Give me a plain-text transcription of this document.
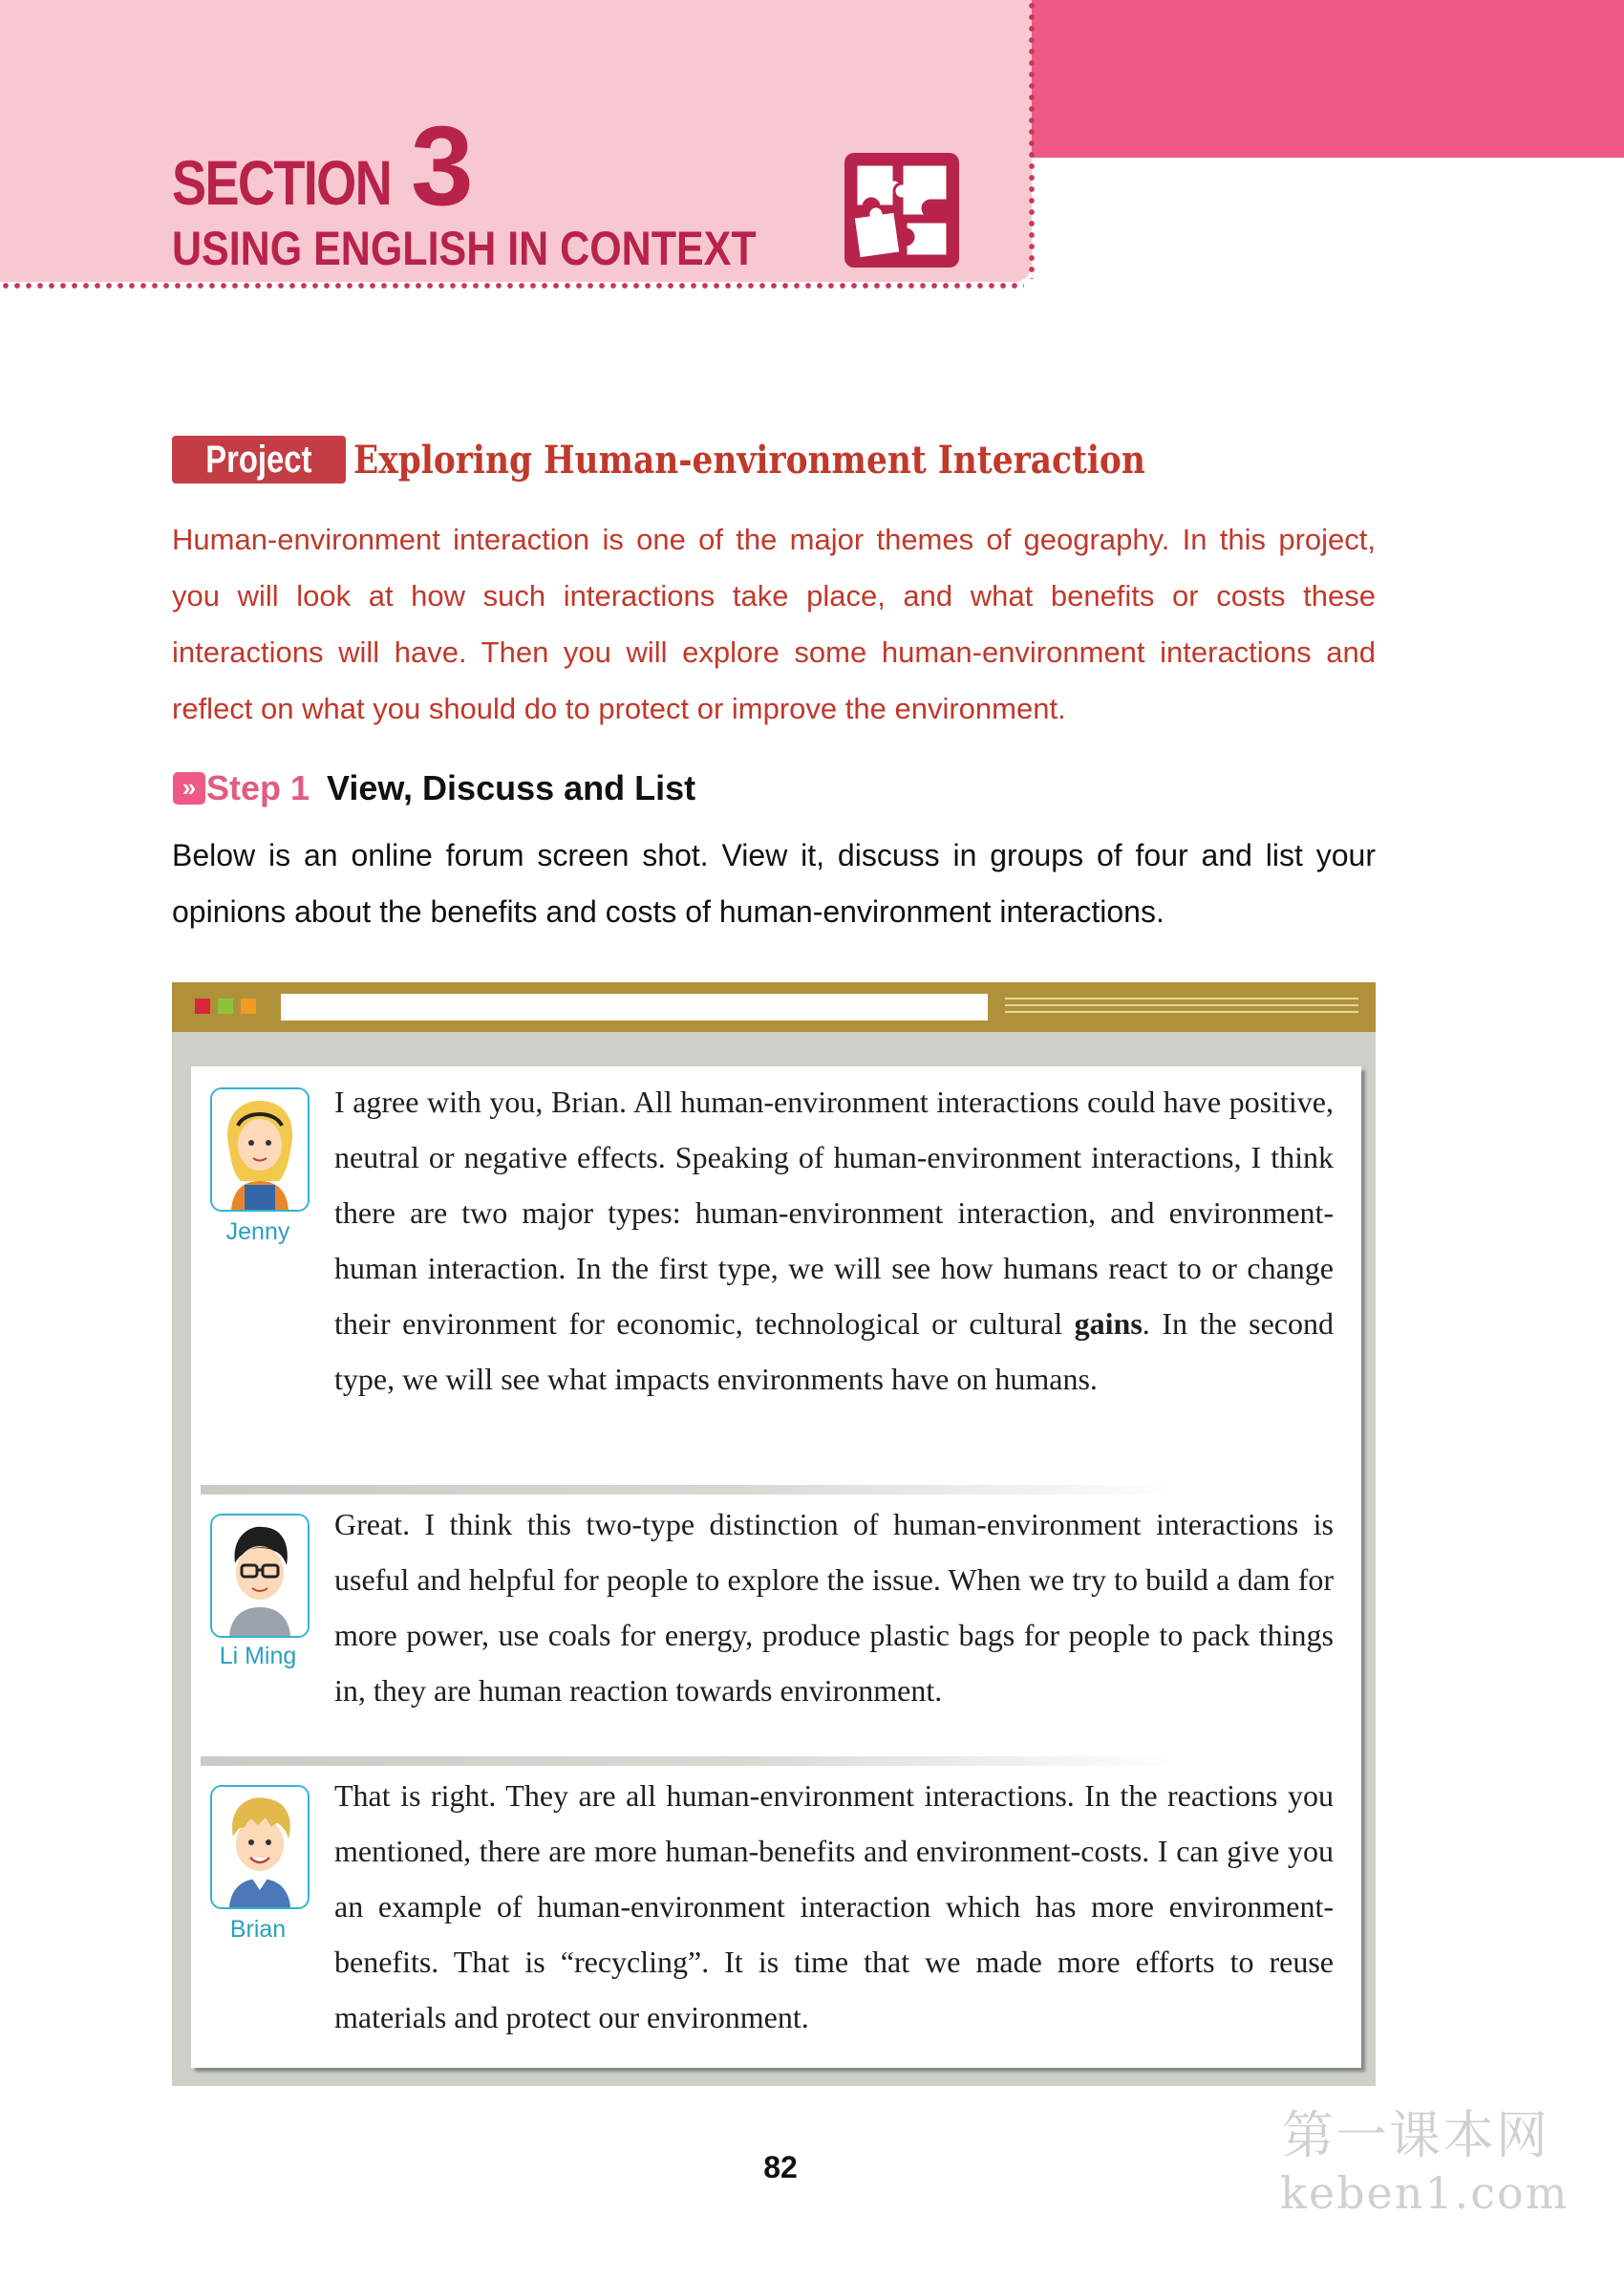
SECTION 3
USING ENGLISH IN CONTEXT
Project	Exploring Human-environment Interaction

Human-environment interaction is one of the major themes of geography. In this project, you will look at how such interactions take place, and what benefits or costs these interactions will have. Then you will explore some human-environment interactions and reflect on what you should do to protect or improve the environment.

» Step 1 View, Discuss and List

Below is an online forum screen shot. View it, discuss in groups of four and list your opinions about the benefits and costs of human-environment interactions.

Jenny

I agree with you, Brian. All human-environment interactions could have positive, neutral or negative effects. Speaking of human-environment interactions, I think there are two major types: human-environment interaction, and environment-human interaction. In the first type, we will see how humans react to or change their environment for economic, technological or cultural gains. In the second type, we will see what impacts environments have on humans.

Li Ming

Great. I think this two-type distinction of human-environment interactions is useful and helpful for people to explore the issue. When we try to build a dam for more power, use coals for energy, produce plastic bags for people to pack things in, they are human reaction towards environment.

Brian

That is right. They are all human-environment interactions. In the reactions you mentioned, there are more human-benefits and environment-costs. I can give you an example of human-environment interaction which has more environment-benefits. That is “recycling”. It is time that we made more efforts to reuse materials and protect our environment.

82
第一课本网
keben1.com
